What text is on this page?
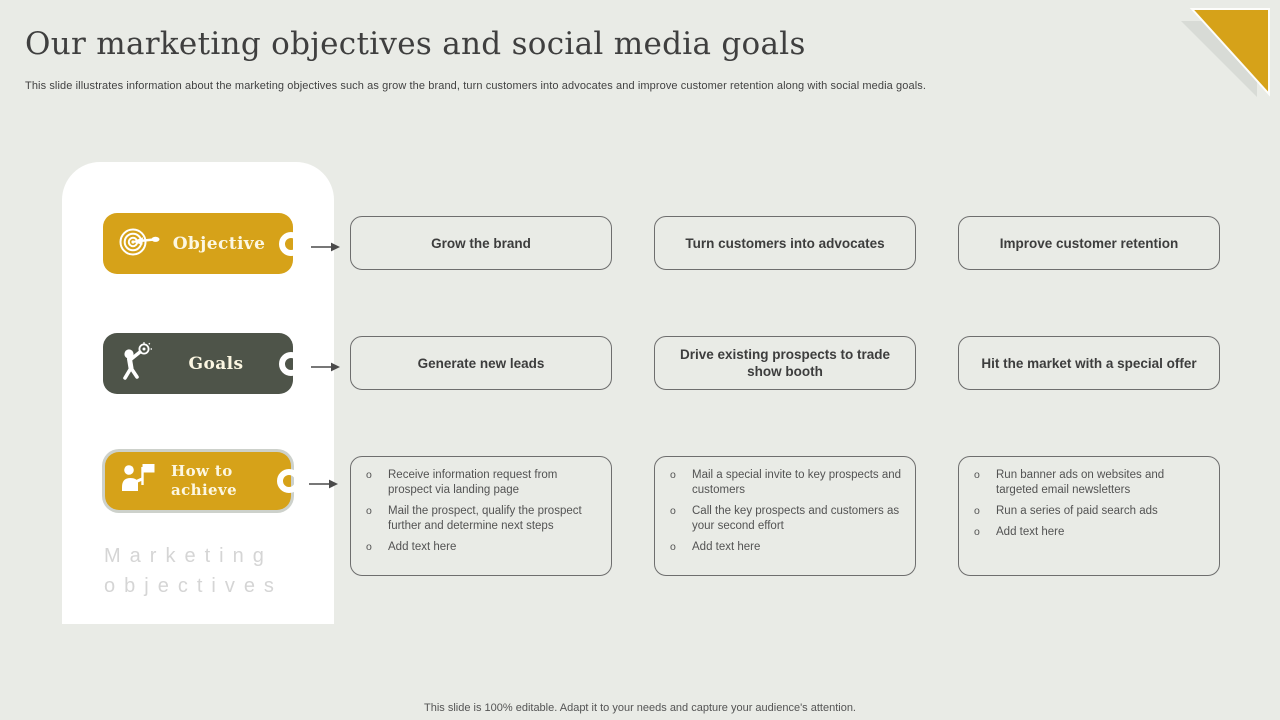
Our marketing objectives and social media goals
This slide illustrates information about the marketing objectives such as grow the brand, turn customers into advocates and improve customer retention along with social media goals.
Objective
Goals
How to achieve
Marketing
objectives
Grow the brand	Turn customers into advocates	Improve customer retention
Generate new leads
Drive existing prospects to trade show booth
Hit the market with a special offer
o
Receive information request from prospect via landing page
o
Mail the prospect, qualify the prospect further and determine next steps
o
Add text here
o
Mail a special invite to key prospects and customers
o
Call the key prospects and customers as your second effort
o
Add text here
o
Run banner ads on websites and targeted email newsletters
o
Run a series of paid search ads
o
Add text here
This slide is 100% editable. Adapt it to your needs and capture your audience's attention.
